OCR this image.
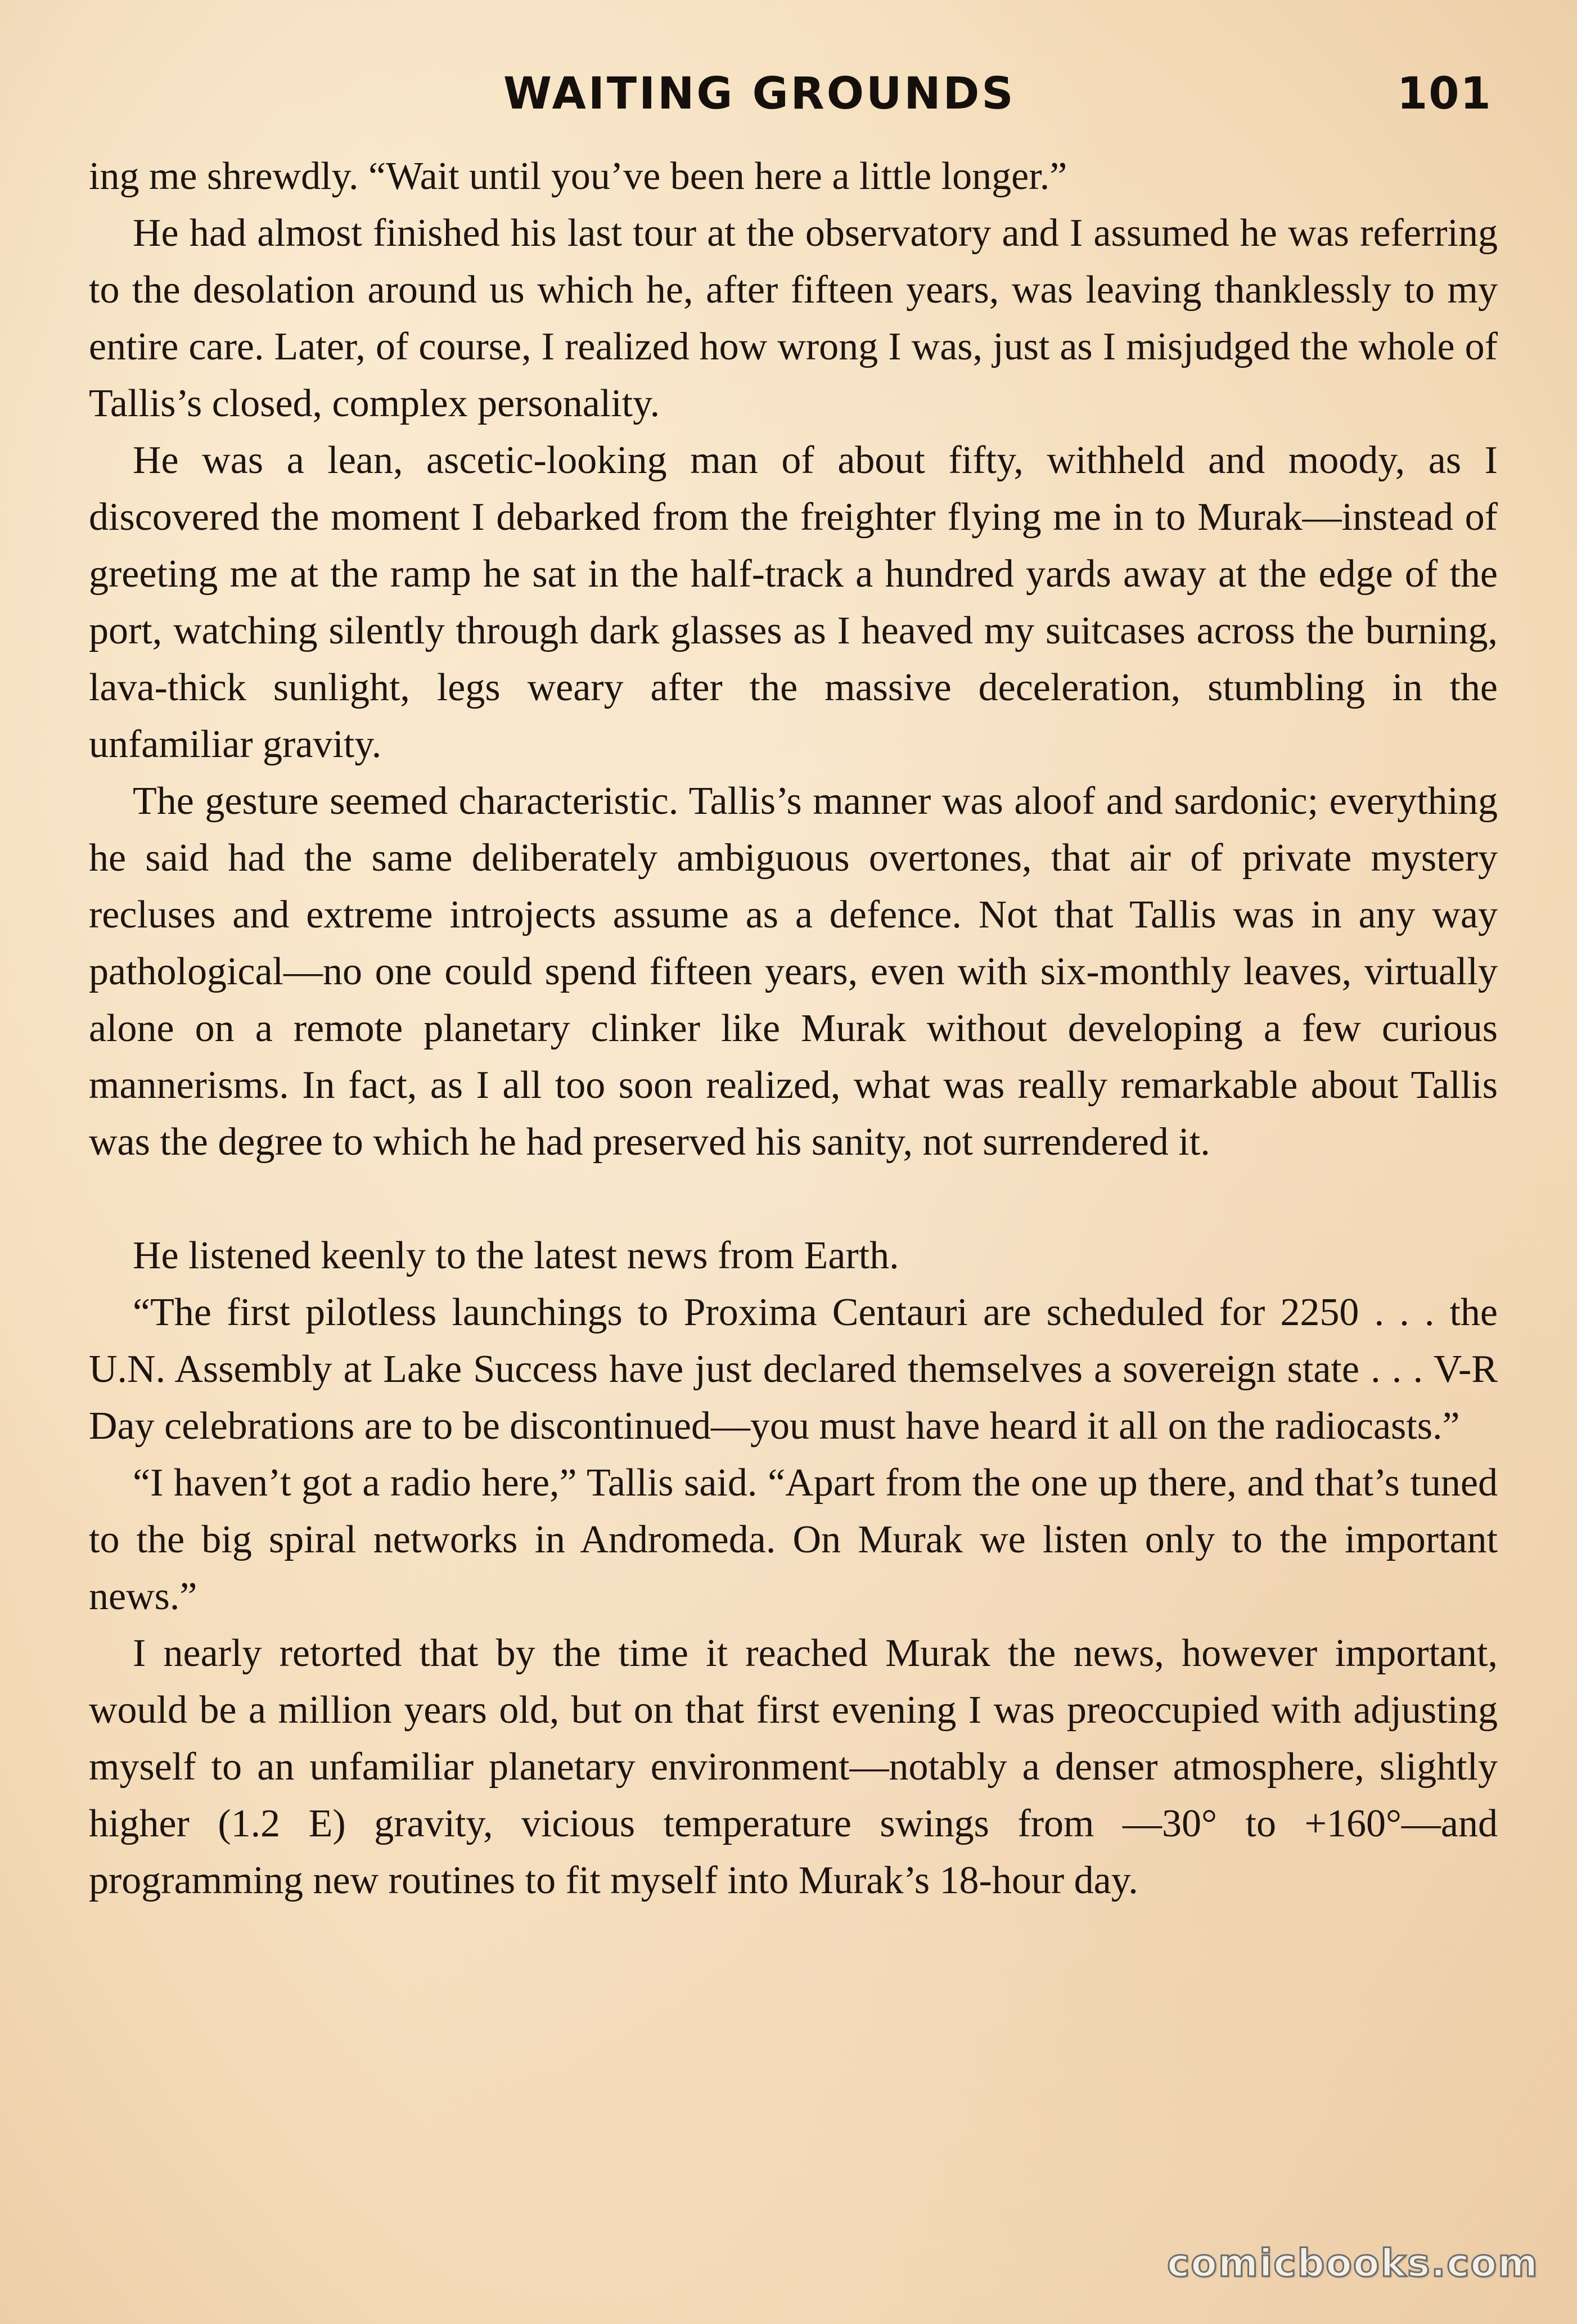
WAITING GROUNDS	101

ing me shrewdly. “Wait until you’ve been here a little longer.”

He had almost finished his last tour at the observatory and I assumed he was referring to the desolation around us which he, after fifteen years, was leaving thanklessly to my entire care. Later, of course, I realized how wrong I was, just as I misjudged the whole of Tallis’s closed, complex personality.

He was a lean, ascetic-looking man of about fifty, withheld and moody, as I discovered the moment I debarked from the freighter flying me in to Murak—instead of greeting me at the ramp he sat in the half-track a hundred yards away at the edge of the port, watching silently through dark glasses as I heaved my suitcases across the burning, lava-thick sunlight, legs weary after the massive deceleration, stumbling in the unfamiliar gravity.

The gesture seemed characteristic. Tallis’s manner was aloof and sardonic; everything he said had the same deliberately ambiguous overtones, that air of private mystery recluses and extreme introjects assume as a defence. Not that Tallis was in any way pathological—no one could spend fifteen years, even with six-monthly leaves, virtually alone on a remote planetary clinker like Murak without developing a few curious mannerisms. In fact, as I all too soon realized, what was really remarkable about Tallis was the degree to which he had preserved his sanity, not surrendered it.

He listened keenly to the latest news from Earth.

“The first pilotless launchings to Proxima Centauri are scheduled for 2250 . . . the U.N. Assembly at Lake Success have just declared themselves a sovereign state . . . V-R Day celebrations are to be discontinued—you must have heard it all on the radiocasts.”

“I haven’t got a radio here,” Tallis said. “Apart from the one up there, and that’s tuned to the big spiral networks in Andromeda. On Murak we listen only to the important news.”

I nearly retorted that by the time it reached Murak the news, however important, would be a million years old, but on that first evening I was preoccupied with adjusting myself to an unfamiliar planetary environment—notably a denser atmosphere, slightly higher (1.2 E) gravity, vicious temperature swings from —30° to +160°—and programming new routines to fit myself into Murak’s 18-hour day.

comicbooks.com
